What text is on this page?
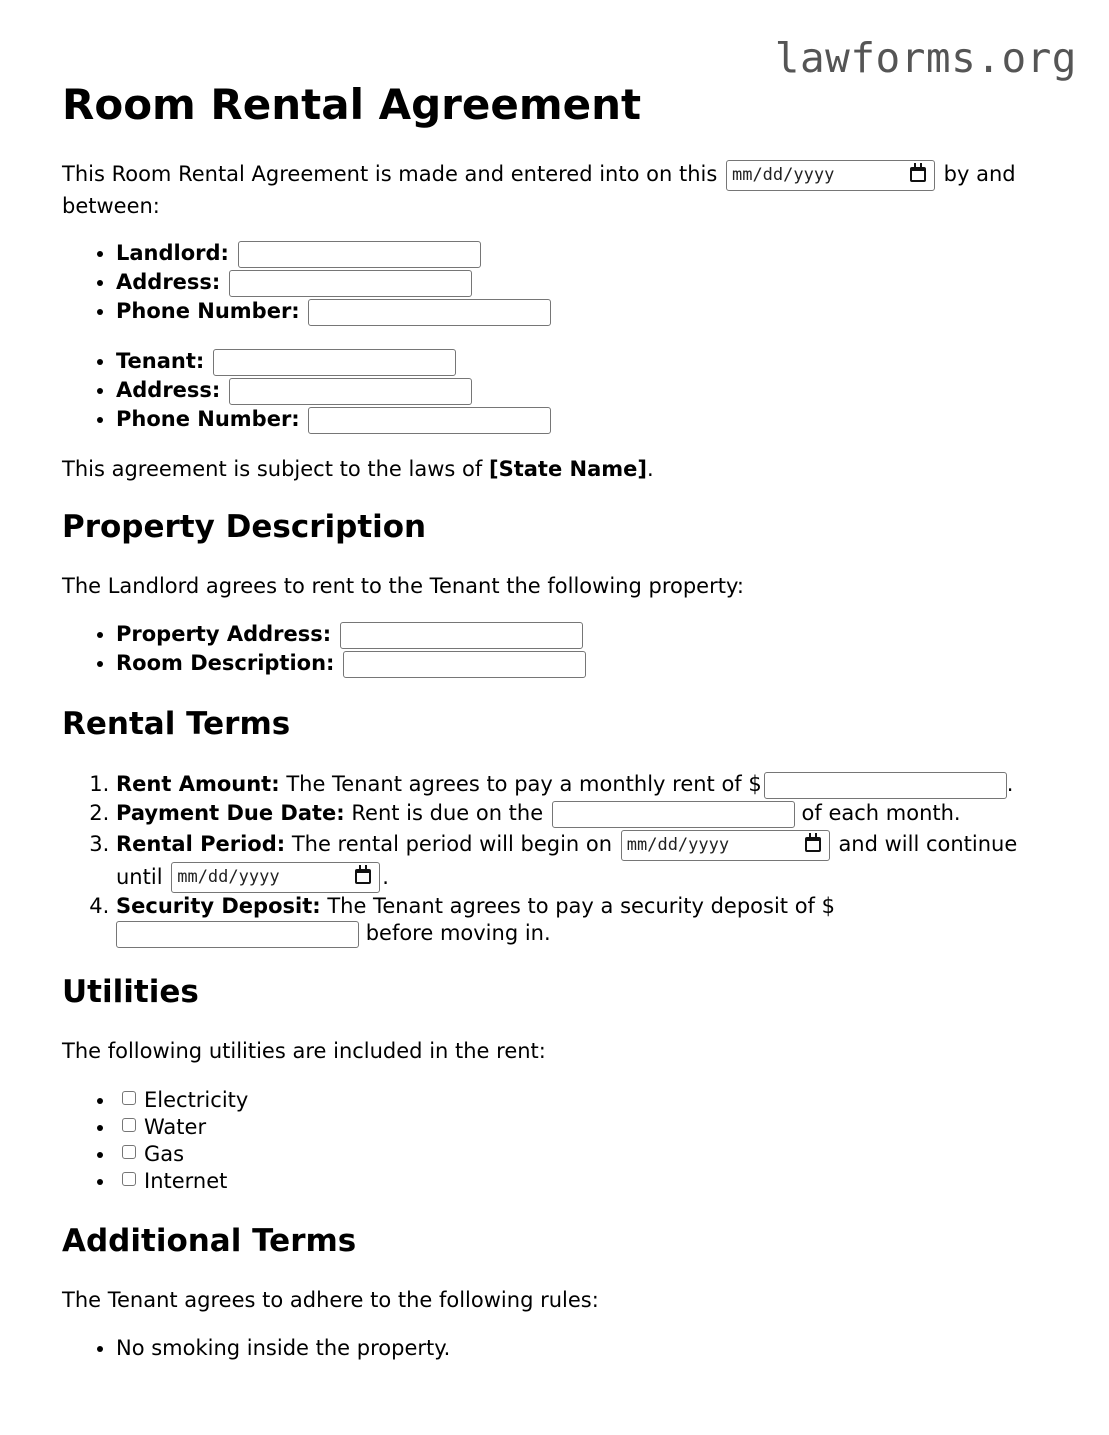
lawforms.org
Room Rental Agreement

This Room Rental Agreement is made and entered into on this mm/dd/yyyy	by and between:

• Landlord:
• Address:
• Phone Number:
• Tenant:
• Address:
• Phone Number:

This agreement is subject to the laws of [State Name].

Property Description

The Landlord agrees to rent to the Tenant the following property:

• Property Address:
• Room Description:
Rental Terms
1. Rent Amount: The Tenant agrees to pay a monthly rent of $	.
2. Payment Due Date: Rent is due on the	of each month.
3. Rental Period: The rental period will begin on mm/dd/yyyy	and will continue until mm/dd/yyyy	.
4. Security Deposit: The Tenant agrees to pay a security deposit of $
before moving in.
Utilities

The following utilities are included in the rent:

• Electricity
• Water
• Gas
• Internet
Additional Terms

The Tenant agrees to adhere to the following rules:

• No smoking inside the property.
